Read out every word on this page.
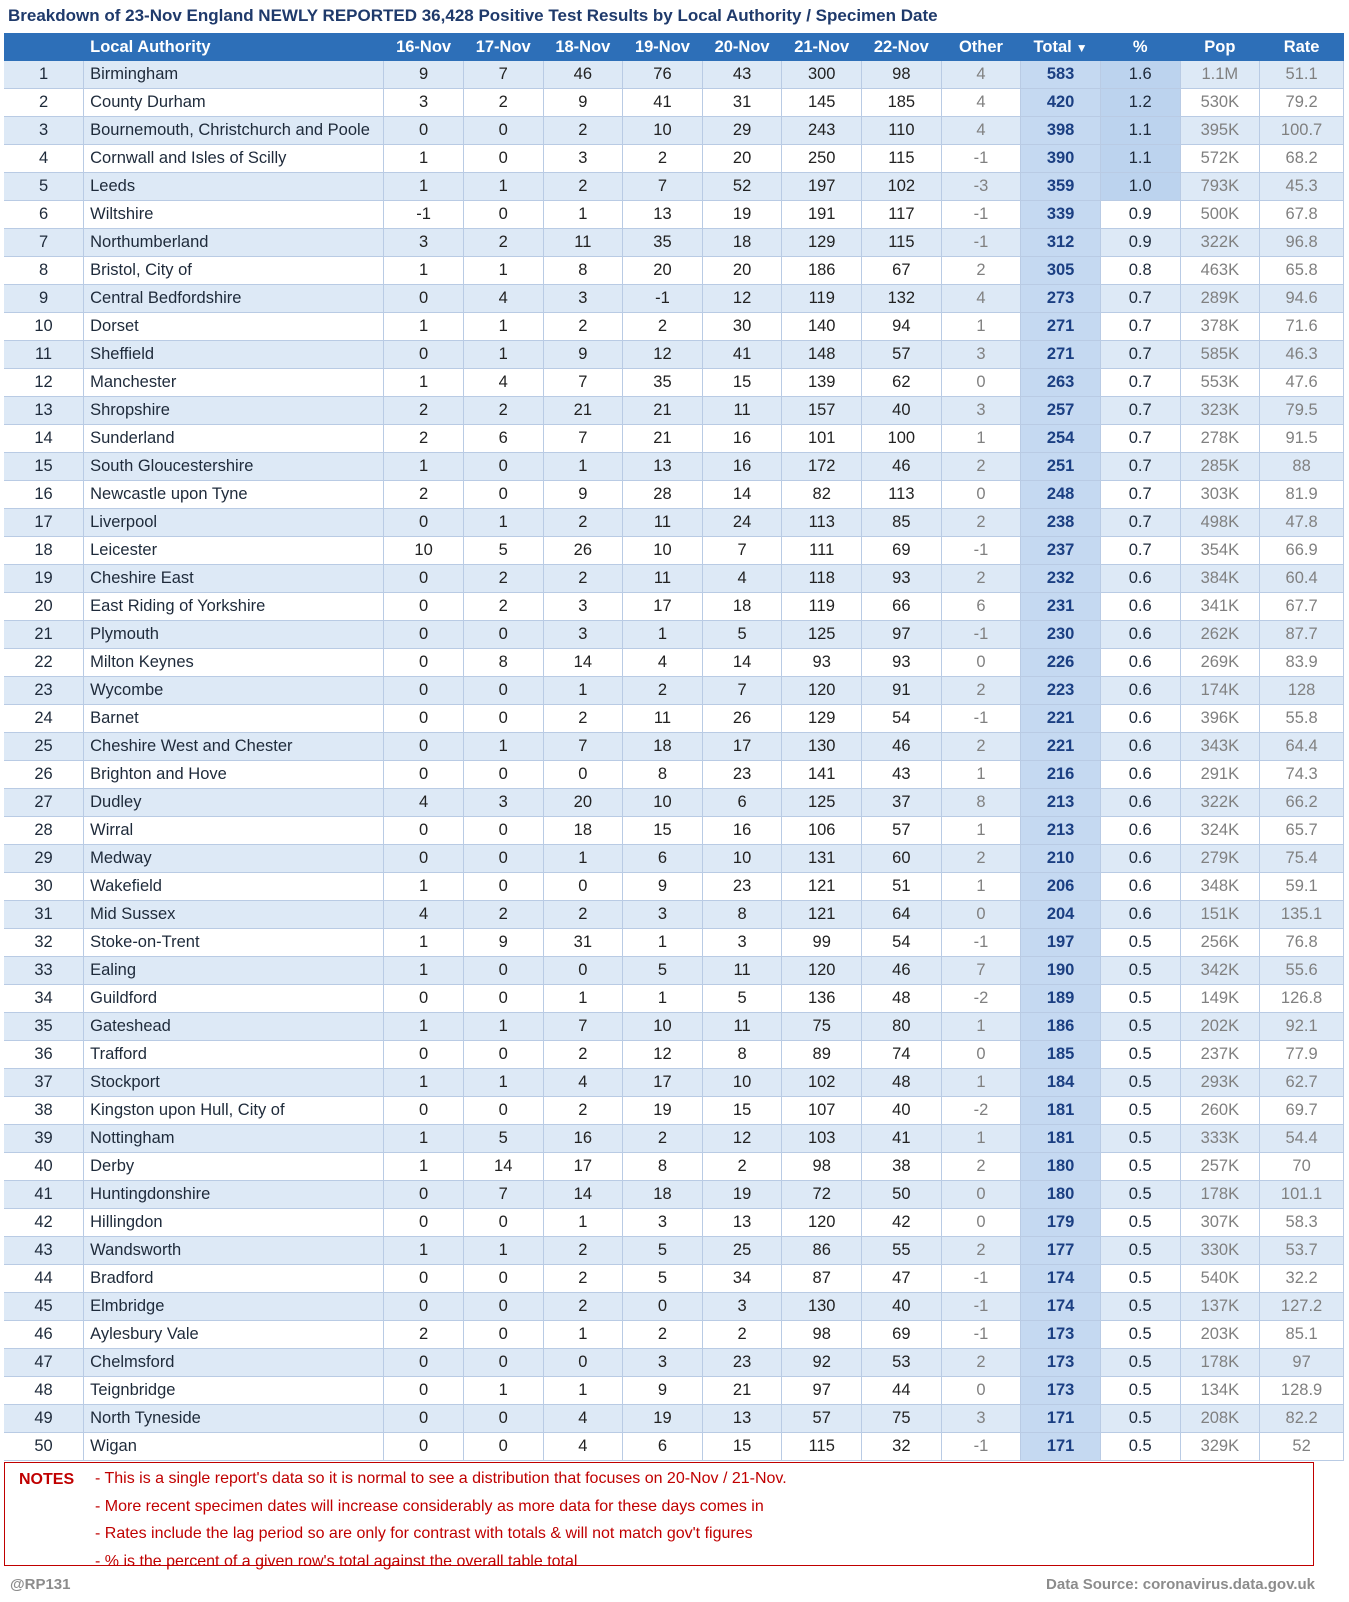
Breakdown of 23-Nov England NEWLY REPORTED 36,428 Positive Test Results by Local Authority / Specimen Date
	Local Authority	16-Nov	17-Nov	18-Nov	19-Nov	20-Nov	21-Nov	22-Nov	Other	Total ▼	%	Pop	Rate
1	Birmingham	9	7	46	76	43	300	98	4	583	1.6	1.1M	51.1
2	County Durham	3	2	9	41	31	145	185	4	420	1.2	530K	79.2
3	Bournemouth, Christchurch and Poole	0	0	2	10	29	243	110	4	398	1.1	395K	100.7
4	Cornwall and Isles of Scilly	1	0	3	2	20	250	115	-1	390	1.1	572K	68.2
5	Leeds	1	1	2	7	52	197	102	-3	359	1.0	793K	45.3
6	Wiltshire	-1	0	1	13	19	191	117	-1	339	0.9	500K	67.8
7	Northumberland	3	2	11	35	18	129	115	-1	312	0.9	322K	96.8
8	Bristol, City of	1	1	8	20	20	186	67	2	305	0.8	463K	65.8
9	Central Bedfordshire	0	4	3	-1	12	119	132	4	273	0.7	289K	94.6
10	Dorset	1	1	2	2	30	140	94	1	271	0.7	378K	71.6
11	Sheffield	0	1	9	12	41	148	57	3	271	0.7	585K	46.3
12	Manchester	1	4	7	35	15	139	62	0	263	0.7	553K	47.6
13	Shropshire	2	2	21	21	11	157	40	3	257	0.7	323K	79.5
14	Sunderland	2	6	7	21	16	101	100	1	254	0.7	278K	91.5
15	South Gloucestershire	1	0	1	13	16	172	46	2	251	0.7	285K	88
16	Newcastle upon Tyne	2	0	9	28	14	82	113	0	248	0.7	303K	81.9
17	Liverpool	0	1	2	11	24	113	85	2	238	0.7	498K	47.8
18	Leicester	10	5	26	10	7	111	69	-1	237	0.7	354K	66.9
19	Cheshire East	0	2	2	11	4	118	93	2	232	0.6	384K	60.4
20	East Riding of Yorkshire	0	2	3	17	18	119	66	6	231	0.6	341K	67.7
21	Plymouth	0	0	3	1	5	125	97	-1	230	0.6	262K	87.7
22	Milton Keynes	0	8	14	4	14	93	93	0	226	0.6	269K	83.9
23	Wycombe	0	0	1	2	7	120	91	2	223	0.6	174K	128
24	Barnet	0	0	2	11	26	129	54	-1	221	0.6	396K	55.8
25	Cheshire West and Chester	0	1	7	18	17	130	46	2	221	0.6	343K	64.4
26	Brighton and Hove	0	0	0	8	23	141	43	1	216	0.6	291K	74.3
27	Dudley	4	3	20	10	6	125	37	8	213	0.6	322K	66.2
28	Wirral	0	0	18	15	16	106	57	1	213	0.6	324K	65.7
29	Medway	0	0	1	6	10	131	60	2	210	0.6	279K	75.4
30	Wakefield	1	0	0	9	23	121	51	1	206	0.6	348K	59.1
31	Mid Sussex	4	2	2	3	8	121	64	0	204	0.6	151K	135.1
32	Stoke-on-Trent	1	9	31	1	3	99	54	-1	197	0.5	256K	76.8
33	Ealing	1	0	0	5	11	120	46	7	190	0.5	342K	55.6
34	Guildford	0	0	1	1	5	136	48	-2	189	0.5	149K	126.8
35	Gateshead	1	1	7	10	11	75	80	1	186	0.5	202K	92.1
36	Trafford	0	0	2	12	8	89	74	0	185	0.5	237K	77.9
37	Stockport	1	1	4	17	10	102	48	1	184	0.5	293K	62.7
38	Kingston upon Hull, City of	0	0	2	19	15	107	40	-2	181	0.5	260K	69.7
39	Nottingham	1	5	16	2	12	103	41	1	181	0.5	333K	54.4
40	Derby	1	14	17	8	2	98	38	2	180	0.5	257K	70
41	Huntingdonshire	0	7	14	18	19	72	50	0	180	0.5	178K	101.1
42	Hillingdon	0	0	1	3	13	120	42	0	179	0.5	307K	58.3
43	Wandsworth	1	1	2	5	25	86	55	2	177	0.5	330K	53.7
44	Bradford	0	0	2	5	34	87	47	-1	174	0.5	540K	32.2
45	Elmbridge	0	0	2	0	3	130	40	-1	174	0.5	137K	127.2
46	Aylesbury Vale	2	0	1	2	2	98	69	-1	173	0.5	203K	85.1
47	Chelmsford	0	0	0	3	23	92	53	2	173	0.5	178K	97
48	Teignbridge	0	1	1	9	21	97	44	0	173	0.5	134K	128.9
49	North Tyneside	0	0	4	19	13	57	75	3	171	0.5	208K	82.2
50	Wigan	0	0	4	6	15	115	32	-1	171	0.5	329K	52
NOTES - This is a single report's data so it is normal to see a distribution that focuses on 20-Nov / 21-Nov.
- More recent specimen dates will increase considerably as more data for these days comes in
- Rates include the lag period so are only for contrast with totals & will not match gov't figures
- % is the percent of a given row's total against the overall table total
@RP131	Data Source: coronavirus.data.gov.uk
